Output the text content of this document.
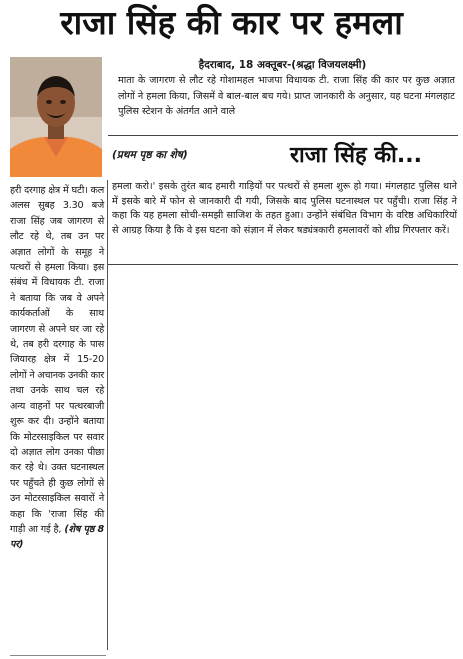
राजा सिंह की कार पर हमला
हैदराबाद, 18 अक्तूबर-(श्रद्धा विजयलक्ष्मी)
माता के जागरण से लौट रहे गोशामहल भाजपा विधायक टी. राजा सिंह की कार पर कुछ अज्ञात लोगों ने हमला किया, जिसमें वे बाल-बाल बच गये। प्राप्त जानकारी के अनुसार, यह घटना मंगलहाट पुलिस स्टेशन के अंतर्गत आने वाले
(प्रथम पृष्ठ का शेष)	राजा सिंह की...
हमला करो।' इसके तुरंत बाद हमारी गाड़ियों पर पत्थरों से हमला शुरू हो गया। मंगलहाट पुलिस थाने में इसके बारे में फोन से जानकारी दी गयी, जिसके बाद पुलिस घटनास्थल पर पहुँची। राजा सिंह ने कहा कि यह हमला सोची-समझी साजिश के तहत हुआ। उन्होंने संबंधित विभाग के वरिष्ठ अधिकारियों से आग्रह किया है कि वे इस घटना को संज्ञान में लेकर षड्यंत्रकारी हमलावरों को शीघ्र गिरफ्तार करें।
हरी दरगाह क्षेत्र में घटी। कल अलस सुबह 3.30 बजे राजा सिंह जब जागरण से लौट रहे थे, तब उन पर अज्ञात लोगों के समूह ने पत्थरों से हमला किया। इस संबंध में विधायक टी. राजा ने बताया कि जब वे अपने कार्यकर्ताओं के साथ जागरण से अपने घर जा रहे थे, तब हरी दरगाह के पास जियारह क्षेत्र में 15-20 लोगों ने अचानक उनकी कार तथा उनके साथ चल रहे अन्य वाहनों पर पत्थरबाजी शुरू कर दी। उन्होंने बताया कि मोटरसाइकिल पर सवार दो अज्ञात लोग उनका पीछा कर रहे थे। उक्त घटनास्थल पर पहुँचते ही कुछ लोगों से उन मोटरसाइकिल सवारों ने कहा कि 'राजा सिंह की गाड़ी आ गई है, (शेष पृष्ठ 8 पर)
